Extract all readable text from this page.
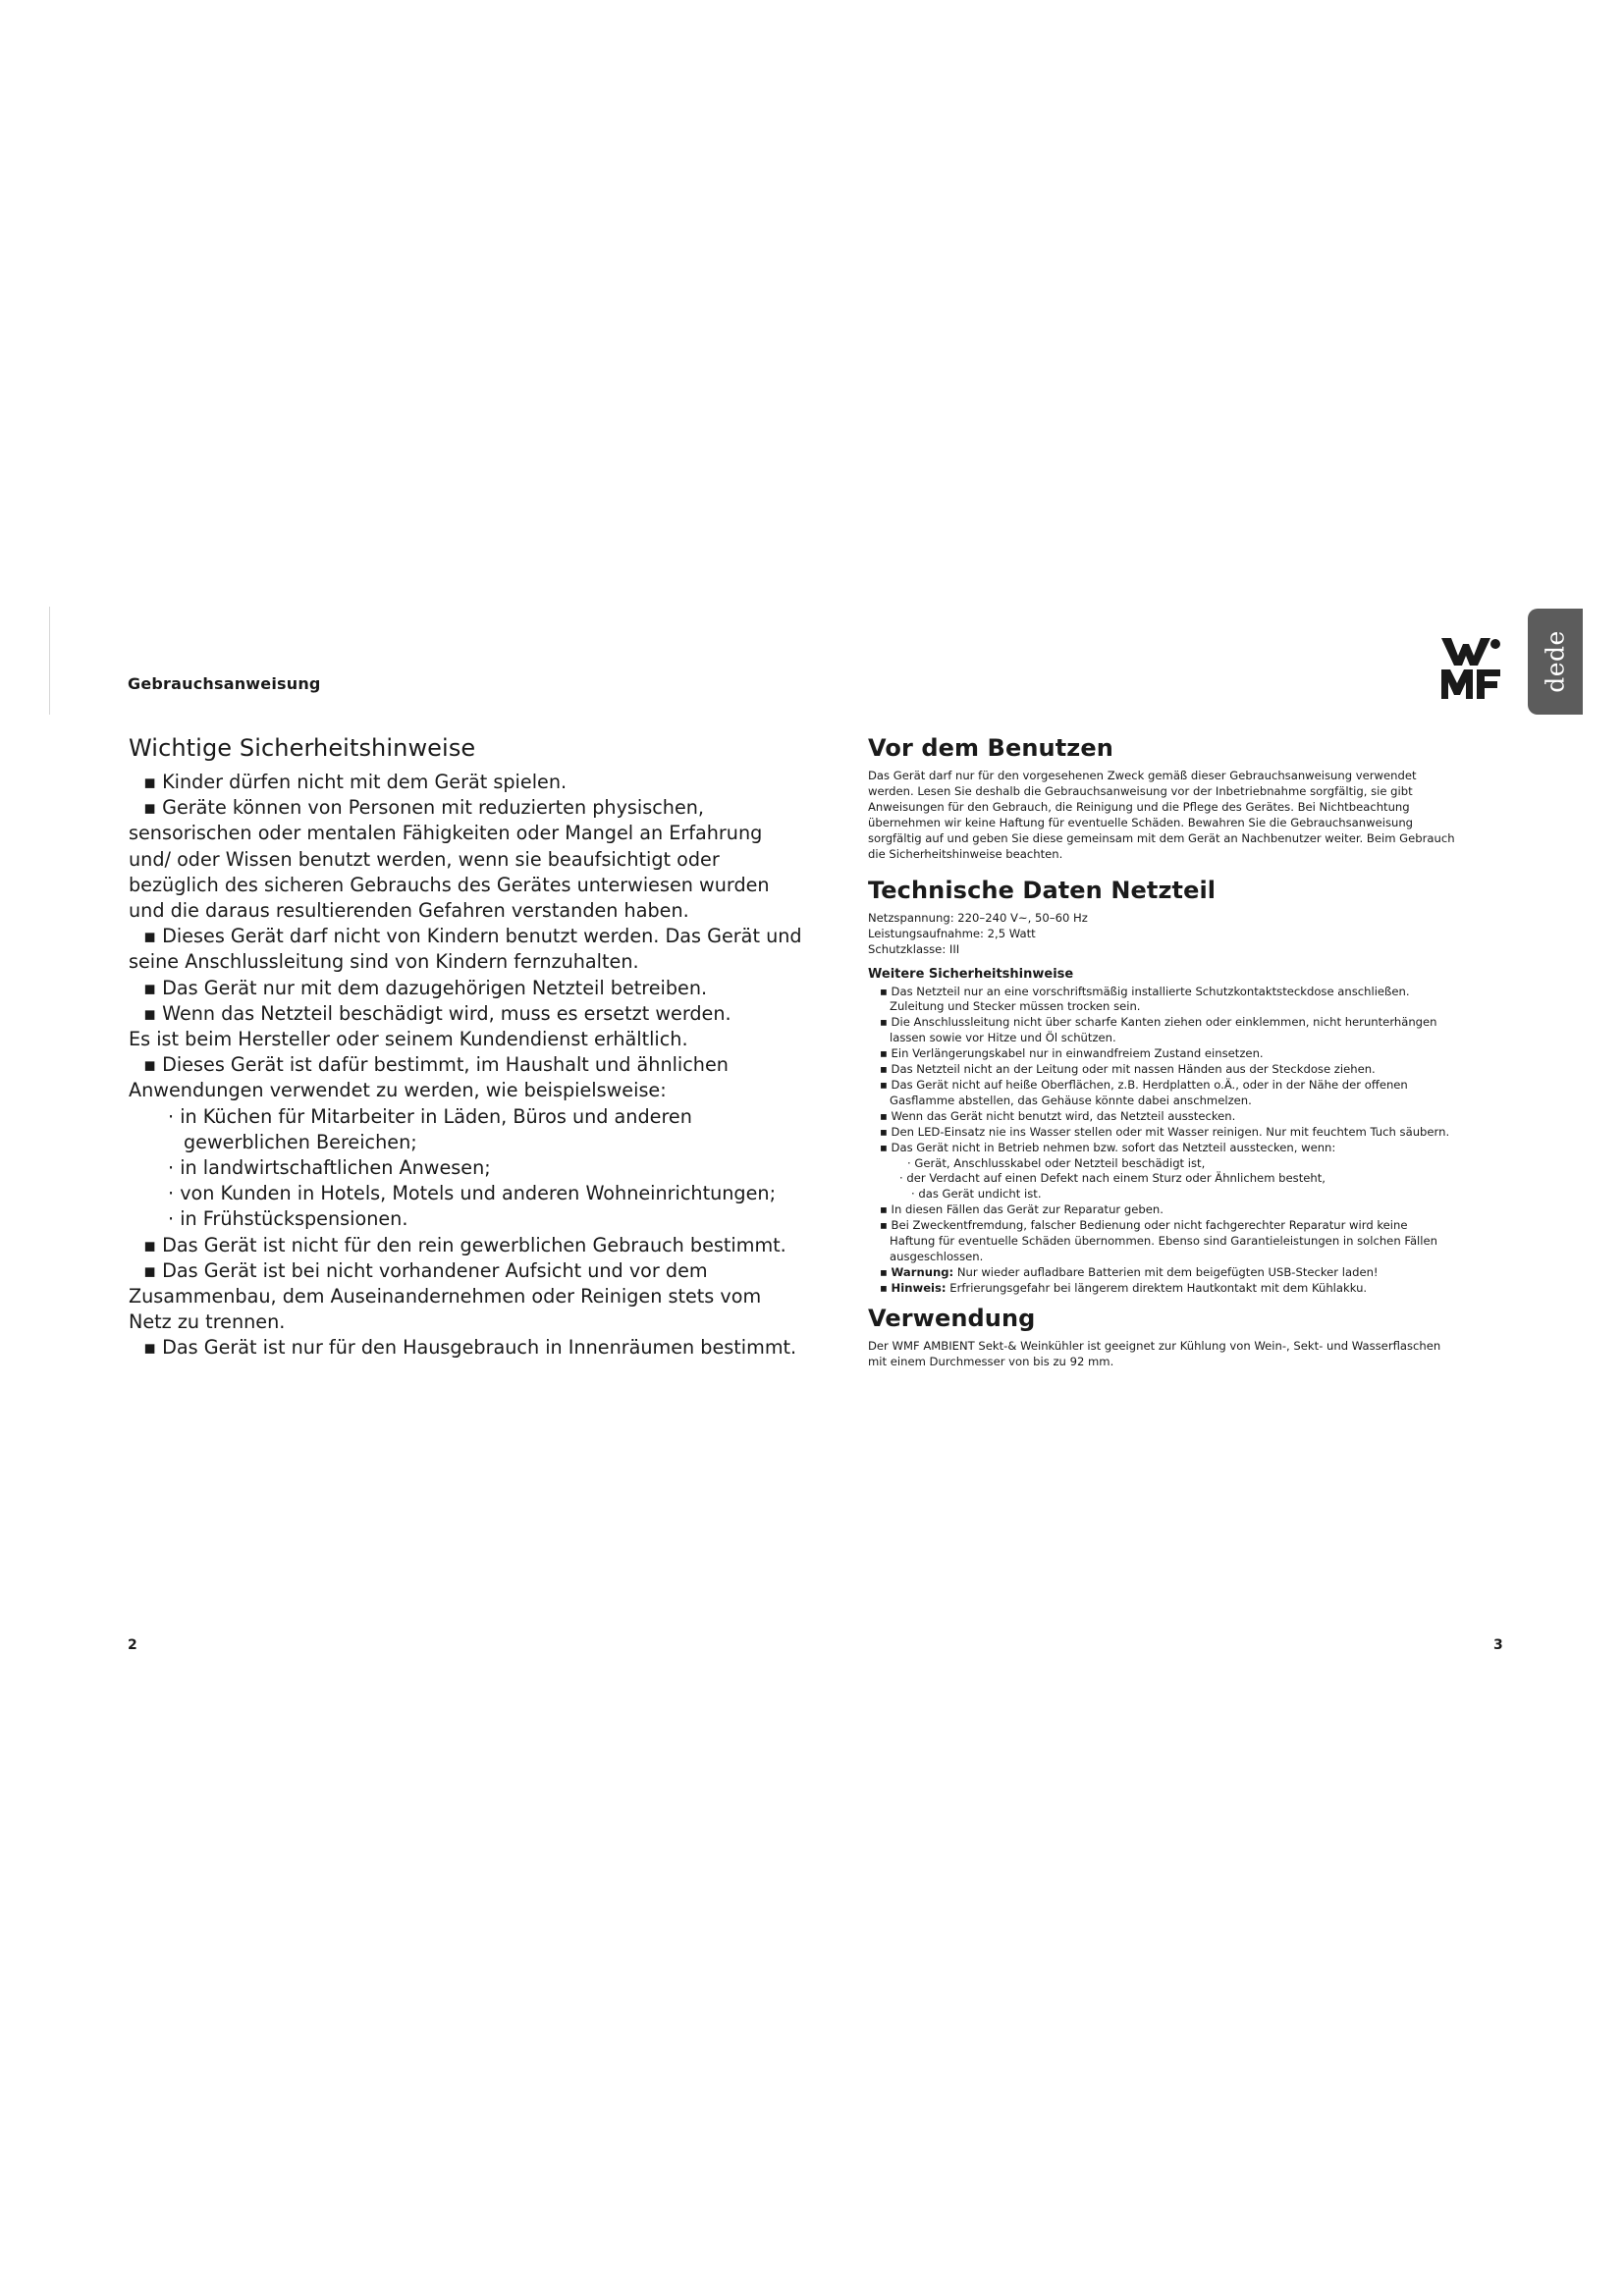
Gebrauchsanweisung	dede
Wichtige Sicherheitshinweise
▪ Kinder dürfen nicht mit dem Gerät spielen.
▪ Geräte können von Personen mit reduzierten physischen,
sensorischen oder mentalen Fähigkeiten oder Mangel an Erfahrung
und/ oder Wissen benutzt werden, wenn sie beaufsichtigt oder
bezüglich des sicheren Gebrauchs des Gerätes unterwiesen wurden
und die daraus resultierenden Gefahren verstanden haben.
▪ Dieses Gerät darf nicht von Kindern benutzt werden. Das Gerät und
seine Anschlussleitung sind von Kindern fernzuhalten.
▪ Das Gerät nur mit dem dazugehörigen Netzteil betreiben.
▪ Wenn das Netzteil beschädigt wird, muss es ersetzt werden.
Es ist beim Hersteller oder seinem Kundendienst erhältlich.
▪ Dieses Gerät ist dafür bestimmt, im Haushalt und ähnlichen
Anwendungen verwendet zu werden, wie beispielsweise:
· in Küchen für Mitarbeiter in Läden, Büros und anderen
gewerblichen Bereichen;
· in landwirtschaftlichen Anwesen;
· von Kunden in Hotels, Motels und anderen Wohneinrichtungen;
· in Frühstückspensionen.
▪ Das Gerät ist nicht für den rein gewerblichen Gebrauch bestimmt.
▪ Das Gerät ist bei nicht vorhandener Aufsicht und vor dem
Zusammenbau, dem Auseinandernehmen oder Reinigen stets vom
Netz zu trennen.
▪ Das Gerät ist nur für den Hausgebrauch in Innenräumen bestimmt.
Vor dem Benutzen
Das Gerät darf nur für den vorgesehenen Zweck gemäß dieser Gebrauchsanweisung verwendet
werden. Lesen Sie deshalb die Gebrauchsanweisung vor der Inbetriebnahme sorgfältig, sie gibt
Anweisungen für den Gebrauch, die Reinigung und die Pflege des Gerätes. Bei Nichtbeachtung
übernehmen wir keine Haftung für eventuelle Schäden. Bewahren Sie die Gebrauchsanweisung
sorgfältig auf und geben Sie diese gemeinsam mit dem Gerät an Nachbenutzer weiter. Beim Gebrauch
die Sicherheitshinweise beachten.
Technische Daten Netzteil
Netzspannung: 220–240 V~, 50–60 Hz
Leistungsaufnahme: 2,5 Watt
Schutzklasse: III
Weitere Sicherheitshinweise
▪ Das Netzteil nur an eine vorschriftsmäßig installierte Schutzkontaktsteckdose anschließen.
Zuleitung und Stecker müssen trocken sein.
▪ Die Anschlussleitung nicht über scharfe Kanten ziehen oder einklemmen, nicht herunterhängen
lassen sowie vor Hitze und Öl schützen.
▪ Ein Verlängerungskabel nur in einwandfreiem Zustand einsetzen.
▪ Das Netzteil nicht an der Leitung oder mit nassen Händen aus der Steckdose ziehen.
▪ Das Gerät nicht auf heiße Oberflächen, z.B. Herdplatten o.Ä., oder in der Nähe der offenen
Gasflamme abstellen, das Gehäuse könnte dabei anschmelzen.
▪ Wenn das Gerät nicht benutzt wird, das Netzteil ausstecken.
▪ Den LED-Einsatz nie ins Wasser stellen oder mit Wasser reinigen. Nur mit feuchtem Tuch säubern.
▪ Das Gerät nicht in Betrieb nehmen bzw. sofort das Netzteil ausstecken, wenn:
· Gerät, Anschlusskabel oder Netzteil beschädigt ist,
· der Verdacht auf einen Defekt nach einem Sturz oder Ähnlichem besteht,
· das Gerät undicht ist.
▪ In diesen Fällen das Gerät zur Reparatur geben.
▪ Bei Zweckentfremdung, falscher Bedienung oder nicht fachgerechter Reparatur wird keine
Haftung für eventuelle Schäden übernommen. Ebenso sind Garantieleistungen in solchen Fällen
ausgeschlossen.
▪ Warnung: Nur wieder aufladbare Batterien mit dem beigefügten USB-Stecker laden!
▪ Hinweis: Erfrierungsgefahr bei längerem direktem Hautkontakt mit dem Kühlakku.
Verwendung
Der WMF AMBIENT Sekt-& Weinkühler ist geeignet zur Kühlung von Wein-, Sekt- und Wasserflaschen
mit einem Durchmesser von bis zu 92 mm.
2	3
